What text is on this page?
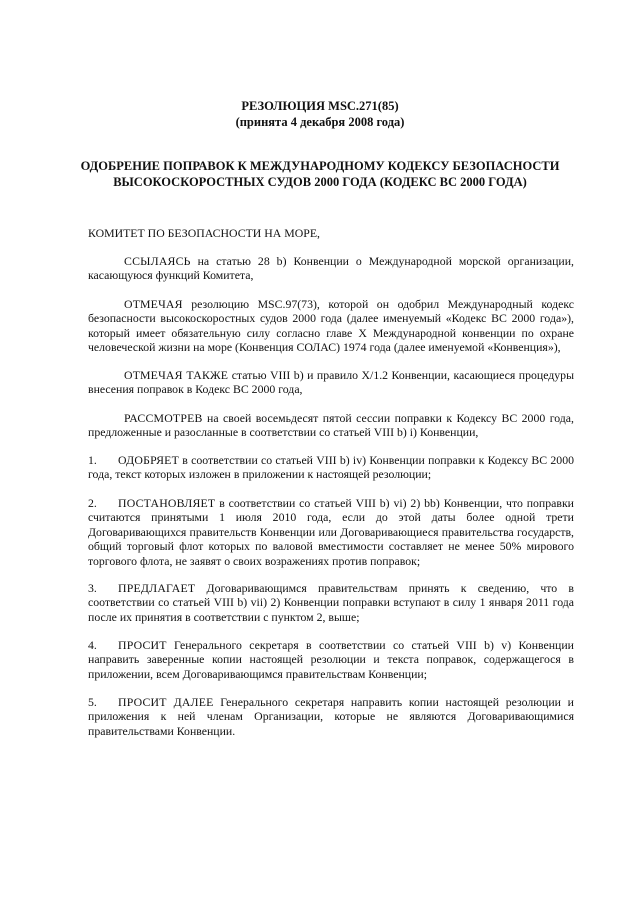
РЕЗОЛЮЦИЯ MSC.271(85)
(принята 4 декабря 2008 года)
ОДОБРЕНИЕ ПОПРАВОК К МЕЖДУНАРОДНОМУ КОДЕКСУ БЕЗОПАСНОСТИ
ВЫСОКОСКОРОСТНЫХ СУДОВ 2000 ГОДА (КОДЕКС ВС 2000 ГОДА)

КОМИТЕТ ПО БЕЗОПАСНОСТИ НА МОРЕ,

ССЫЛАЯСЬ на статью 28 b) Конвенции о Международной морской организации, касающуюся функций Комитета,

ОТМЕЧАЯ резолюцию MSC.97(73), которой он одобрил Международный кодекс безопасности высокоскоростных судов 2000 года (далее именуемый «Кодекс ВС 2000 года»), который имеет обязательную силу согласно главе X Международной конвенции по охране человеческой жизни на море (Конвенция СОЛАС) 1974 года (далее именуемой «Конвенция»),

ОТМЕЧАЯ ТАКЖЕ статью VIII b) и правило X/1.2 Конвенции, касающиеся процедуры внесения поправок в Кодекс ВС 2000 года,

РАССМОТРЕВ на своей восемьдесят пятой сессии поправки к Кодексу ВС 2000 года, предложенные и разосланные в соответствии со статьей VIII b) i) Конвенции,

1. ОДОБРЯЕТ в соответствии со статьей VIII b) iv) Конвенции поправки к Кодексу ВС 2000 года, текст которых изложен в приложении к настоящей резолюции;

2. ПОСТАНОВЛЯЕТ в соответствии со статьей VIII b) vi) 2) bb) Конвенции, что поправки считаются принятыми 1 июля 2010 года, если до этой даты более одной трети Договаривающихся правительств Конвенции или Договаривающиеся правительства государств, общий торговый флот которых по валовой вместимости составляет не менее 50% мирового торгового флота, не заявят о своих возражениях против поправок;

3. ПРЕДЛАГАЕТ Договаривающимся правительствам принять к сведению, что в соответствии со статьей VIII b) vii) 2) Конвенции поправки вступают в силу 1 января 2011 года после их принятия в соответствии с пунктом 2, выше;

4. ПРОСИТ Генерального секретаря в соответствии со статьей VIII b) v) Конвенции направить заверенные копии настоящей резолюции и текста поправок, содержащегося в приложении, всем Договаривающимся правительствам Конвенции;

5. ПРОСИТ ДАЛЕЕ Генерального секретаря направить копии настоящей резолюции и приложения к ней членам Организации, которые не являются Договаривающимися правительствами Конвенции.
